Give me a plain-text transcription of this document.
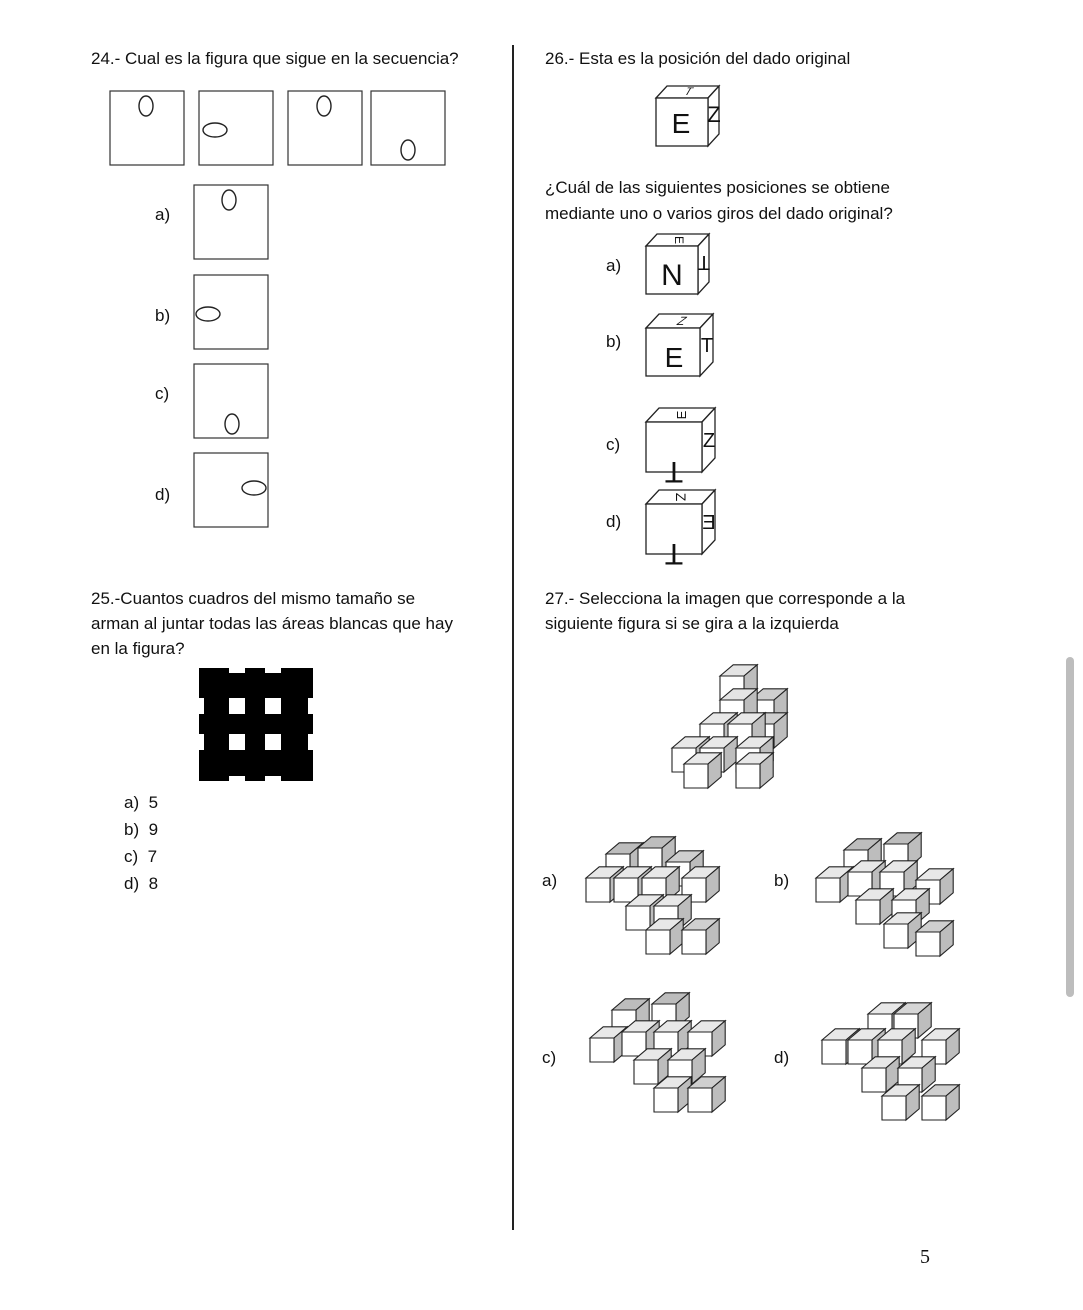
24.- Cual es la figura que sigue en la secuencia?
a)
b)
c)
d)
25.-Cuantos cuadros del mismo tamaño se
arman al juntar todas las áreas blancas que hay
en la figura?
a) 5
b) 9
c) 7
d) 8
26.- Esta es la posición del dado original
E
T
Z
¿Cuál de las siguientes posiciones se obtiene
mediante uno o varios giros del dado original?
a) N
E
T
b)
E
Z
T
c)
T
E
Z
d)
T
Z
E
27.- Selecciona la imagen que corresponde a la
siguiente figura si se gira a la izquierda
a)	b)
c)	d)
5
